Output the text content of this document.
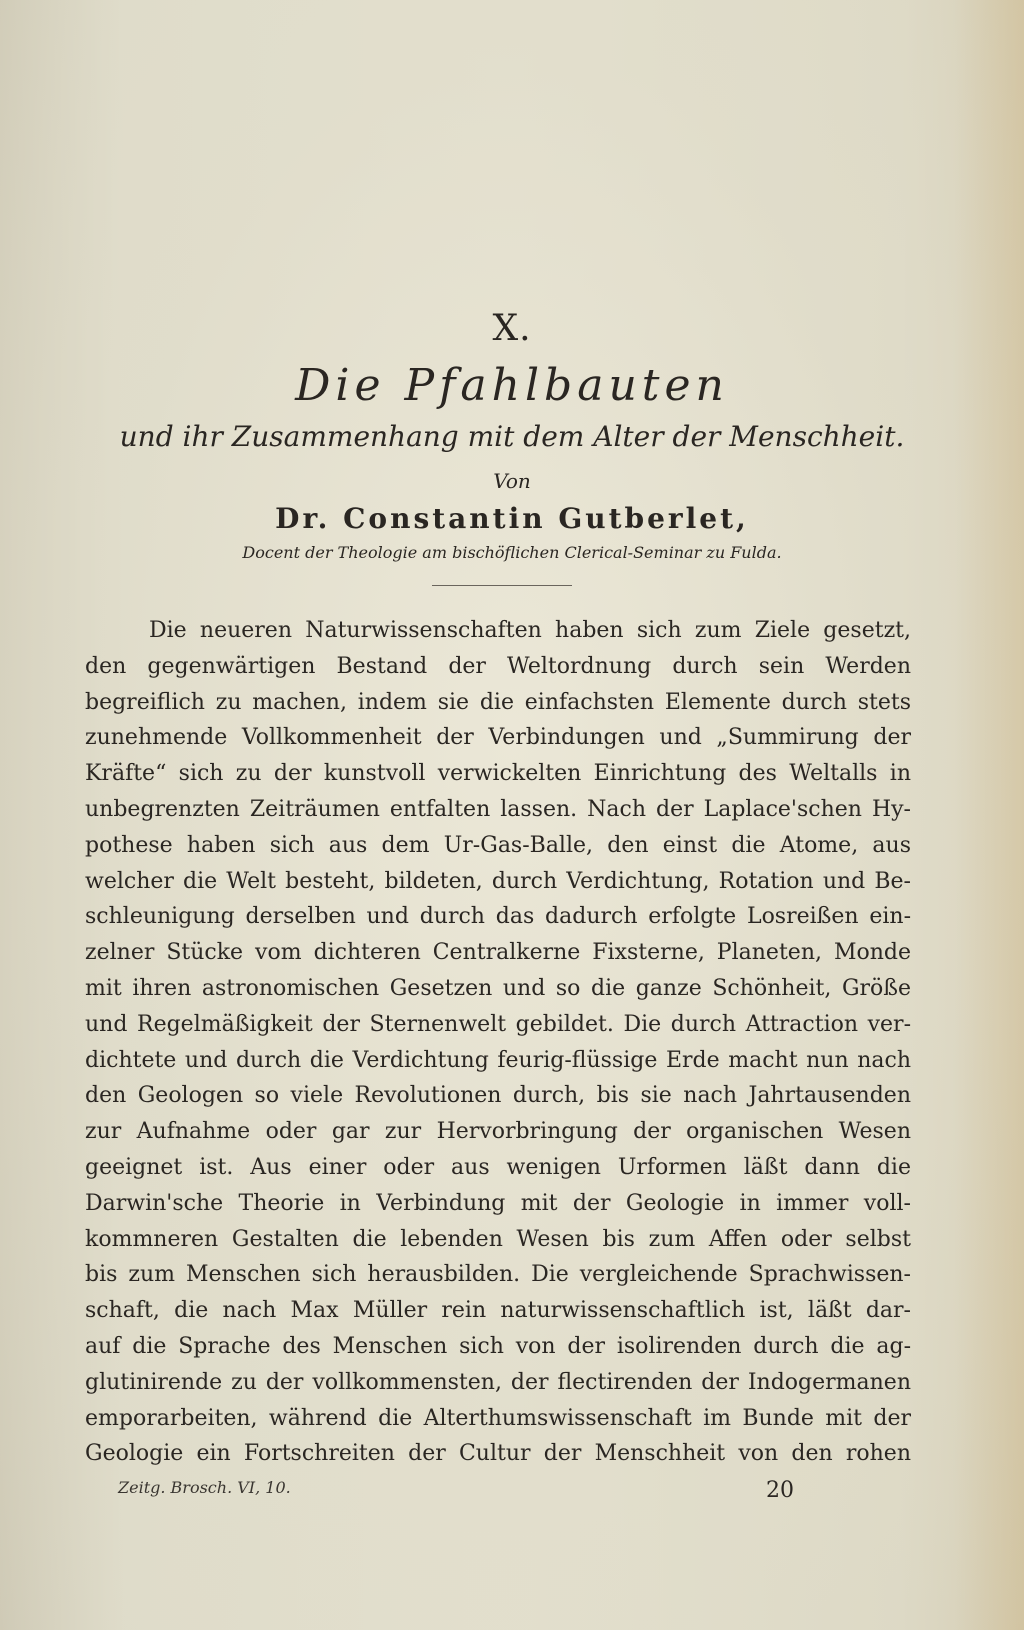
X.
Die Pfahlbauten
und ihr Zusammenhang mit dem Alter der Menschheit.
Von
Dr. Constantin Gutberlet,
Docent der Theologie am bischöflichen Clerical-Seminar zu Fulda.
Die neueren Naturwissenschaften haben sich zum Ziele gesetzt,
den gegenwärtigen Bestand der Weltordnung durch sein Werden
begreiflich zu machen, indem sie die einfachsten Elemente durch stets
zunehmende Vollkommenheit der Verbindungen und „Summirung der
Kräfte“ sich zu der kunstvoll verwickelten Einrichtung des Weltalls in
unbegrenzten Zeiträumen entfalten lassen. Nach der Laplace'schen Hy-
pothese haben sich aus dem Ur-Gas-Balle, den einst die Atome, aus
welcher die Welt besteht, bildeten, durch Verdichtung, Rotation und Be-
schleunigung derselben und durch das dadurch erfolgte Losreißen ein-
zelner Stücke vom dichteren Centralkerne Fixsterne, Planeten, Monde
mit ihren astronomischen Gesetzen und so die ganze Schönheit, Größe
und Regelmäßigkeit der Sternenwelt gebildet. Die durch Attraction ver-
dichtete und durch die Verdichtung feurig-flüssige Erde macht nun nach
den Geologen so viele Revolutionen durch, bis sie nach Jahrtausenden
zur Aufnahme oder gar zur Hervorbringung der organischen Wesen
geeignet ist. Aus einer oder aus wenigen Urformen läßt dann die
Darwin'sche Theorie in Verbindung mit der Geologie in immer voll-
kommneren Gestalten die lebenden Wesen bis zum Affen oder selbst
bis zum Menschen sich herausbilden. Die vergleichende Sprachwissen-
schaft, die nach Max Müller rein naturwissenschaftlich ist, läßt dar-
auf die Sprache des Menschen sich von der isolirenden durch die ag-
glutinirende zu der vollkommensten, der flectirenden der Indogermanen
emporarbeiten, während die Alterthumswissenschaft im Bunde mit der
Geologie ein Fortschreiten der Cultur der Menschheit von den rohen
Zeitg. Brosch. VI, 10.	20
